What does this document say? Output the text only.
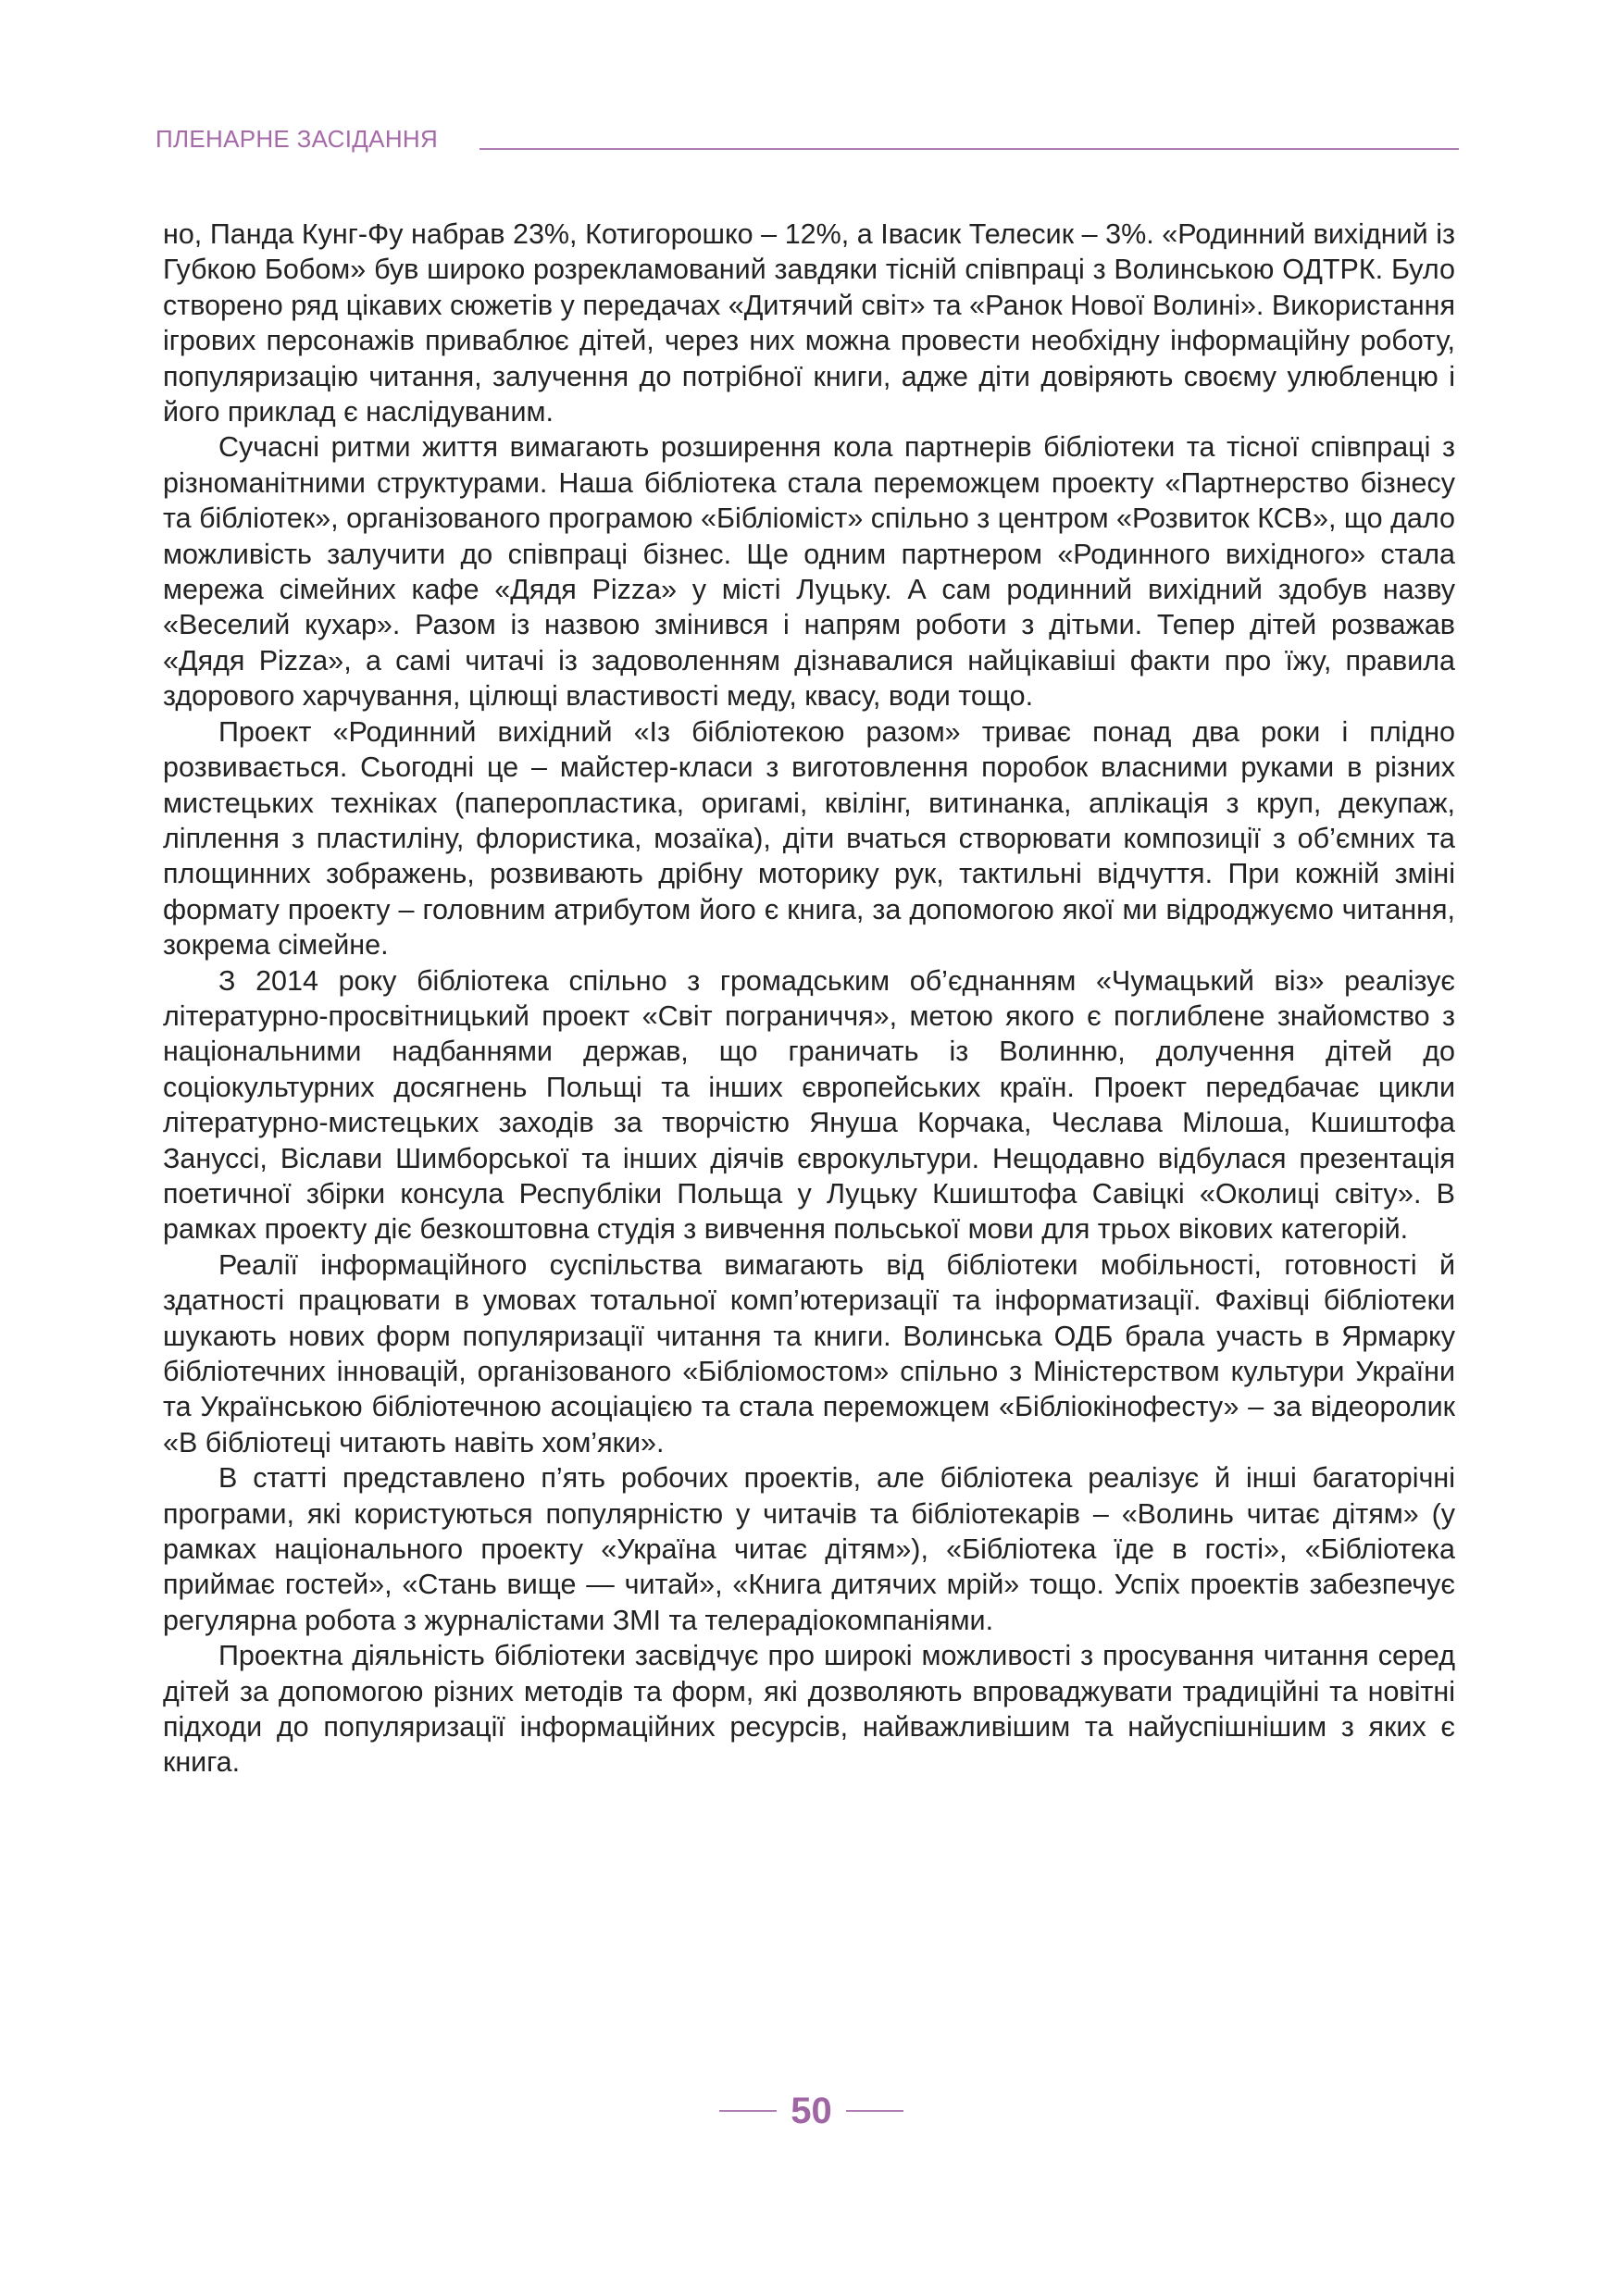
ПЛЕНАРНЕ ЗАСІДАННЯ

но, Панда Кунг-Фу набрав 23%, Котигорошко – 12%, а Івасик Телесик – 3%. «Родинний вихідний із Губкою Бобом» був широко розрекламований завдяки тісній співпраці з Волинською ОДТРК. Було створено ряд цікавих сюжетів у передачах «Дитячий світ» та «Ранок Нової Волині». Використання ігрових персонажів приваблює дітей, через них можна провести необхідну інформаційну роботу, популяризацію читання, залучення до потрібної книги, адже діти довіряють своєму улюбленцю і його приклад є наслідуваним.

Сучасні ритми життя вимагають розширення кола партнерів бібліотеки та тісної співпраці з різноманітними структурами. Наша бібліотека стала переможцем проекту «Партнерство бізнесу та бібліотек», організованого програмою «Бібліоміст» спільно з центром «Розвиток КСВ», що дало можливість залучити до співпраці бізнес. Ще одним партнером «Родинного вихідного» стала мережа сімейних кафе «Дядя Pizza» у місті Луцьку. А сам родинний вихідний здобув назву «Веселий кухар». Разом із назвою змінився і напрям роботи з дітьми. Тепер дітей розважав «Дядя Pizza», а самі читачі із задоволенням дізнавалися найцікавіші факти про їжу, правила здорового харчування, цілющі властивості меду, квасу, води тощо.

Проект «Родинний вихідний «Із бібліотекою разом» триває понад два роки і плідно розвивається. Сьогодні це – майстер-класи з виготовлення поробок власними руками в різних мистецьких техніках (паперопластика, оригамі, квілінг, витинанка, аплікація з круп, декупаж, ліплення з пластиліну, флористика, мозаїка), діти вчаться створювати композиції з об’ємних та площинних зображень, розвивають дрібну моторику рук, тактильні відчуття. При кожній зміні формату проекту – головним атрибутом його є книга, за допомогою якої ми відроджуємо читання, зокрема сімейне.

З 2014 року бібліотека спільно з громадським об’єднанням «Чумацький віз» реалізує літературно-просвітницький проект «Світ пограниччя», метою якого є поглиблене знайомство з національними надбаннями держав, що граничать із Волинню, долучення дітей до соціокультурних досягнень Польщі та інших європейських країн. Проект передбачає цикли літературно-мистецьких заходів за творчістю Януша Корчака, Чеслава Мілоша, Кшиштофа Зануссі, Віслави Шимборської та інших діячів єврокультури. Нещодавно відбулася презентація поетичної збірки консула Республіки Польща у Луцьку Кшиштофа Савіцкі «Околиці світу». В рамках проекту діє безкоштовна студія з вивчення польської мови для трьох вікових категорій.

Реалії інформаційного суспільства вимагають від бібліотеки мобільності, готовності й здатності працювати в умовах тотальної комп’ютеризації та інформатизації. Фахівці бібліотеки шукають нових форм популяризації читання та книги. Волинська ОДБ брала участь в Ярмарку бібліотечних інновацій, організованого «Бібліомостом» спільно з Міністерством культури України та Українською бібліотечною асоціацією та стала переможцем «Бібліокінофесту» – за відеоролик «В бібліотеці читають навіть хом’яки».

В статті представлено п’ять робочих проектів, але бібліотека реалізує й інші багаторічні програми, які користуються популярністю у читачів та бібліотекарів – «Волинь читає дітям» (у рамках національного проекту «Україна читає дітям»), «Бібліотека їде в гості», «Бібліотека приймає гостей», «Стань вище — читай», «Книга дитячих мрій» тощо. Успіх проектів забезпечує регулярна робота з журналістами ЗМІ та телерадіокомпаніями.

Проектна діяльність бібліотеки засвідчує про широкі можливості з просування читання серед дітей за допомогою різних методів та форм, які дозволяють впроваджувати традиційні та новітні підходи до популяризації інформаційних ресурсів, найважливішим та найуспішнішим з яких є книга.

50
